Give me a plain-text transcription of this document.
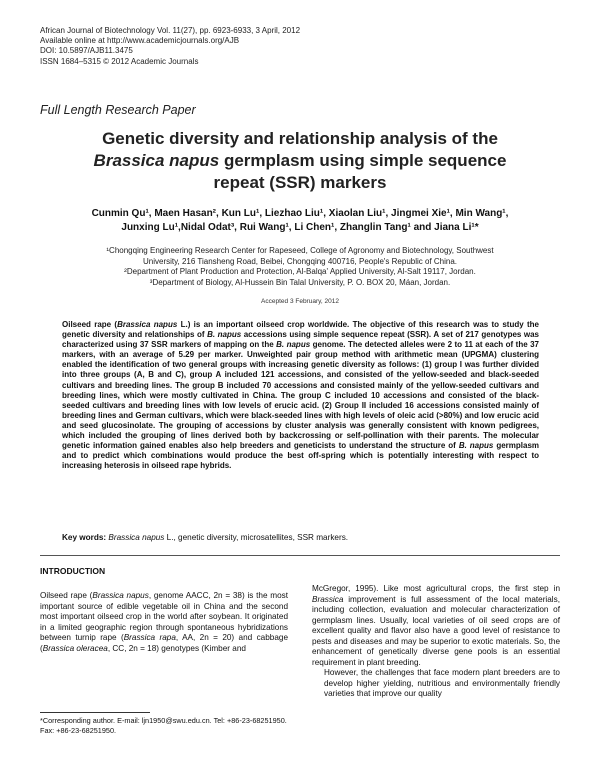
African Journal of Biotechnology Vol. 11(27), pp. 6923-6933, 3 April, 2012
Available online at http://www.academicjournals.org/AJB
DOI: 10.5897/AJB11.3475
ISSN 1684–5315 © 2012 Academic Journals
Full Length Research Paper
Genetic diversity and relationship analysis of the
Brassica napus germplasm using simple sequence
repeat (SSR) markers
Cunmin Qu¹, Maen Hasan², Kun Lu¹, Liezhao Liu¹, Xiaolan Liu¹, Jingmei Xie¹, Min Wang¹,
Junxing Lu¹,Nidal Odat³, Rui Wang¹, Li Chen¹, Zhanglin Tang¹ and Jiana Li¹*
¹Chongqing Engineering Research Center for Rapeseed, College of Agronomy and Biotechnology, Southwest
University, 216 Tiansheng Road, Beibei, Chongqing 400716, People's Republic of China.
²Department of Plant Production and Protection, Al-Balqa' Applied University, Al-Salt 19117, Jordan.
³Department of Biology, Al-Hussein Bin Talal University, P. O. BOX 20, Máan, Jordan.
Accepted 3 February, 2012
Oilseed rape (Brassica napus L.) is an important oilseed crop worldwide. The objective of this research was to study the genetic diversity and relationships of B. napus accessions using simple sequence repeat (SSR). A set of 217 genotypes was characterized using 37 SSR markers of mapping on the B. napus genome. The detected alleles were 2 to 11 at each of the 37 markers, with an average of 5.29 per marker. Unweighted pair group method with arithmetic mean (UPGMA) clustering enabled the identification of two general groups with increasing genetic diversity as follows: (1) group I was further divided into three groups (A, B and C), group A included 121 accessions, and consisted of the yellow-seeded and black-seeded cultivars and breeding lines. The group B included 70 accessions and consisted mainly of the yellow-seeded cultivars and breeding lines, which were mostly cultivated in China. The group C included 10 accessions and consisted of the black-seeded cultivars and breeding lines with low levels of erucic acid. (2) Group II included 16 accessions consisted mainly of breeding lines and German cultivars, which were black-seeded lines with high levels of oleic acid (>80%) and low erucic acid and seed glucosinolate. The grouping of accessions by cluster analysis was generally consistent with known pedigrees, which included the grouping of lines derived both by backcrossing or self-pollination with their parents. The molecular genetic information gained enables also help breeders and geneticists to understand the structure of B. napus germplasm and to predict which combinations would produce the best off-spring which is potentially interesting with respect to increasing heterosis in oilseed rape hybrids.
Key words: Brassica napus L., genetic diversity, microsatellites, SSR markers.
INTRODUCTION
Oilseed rape (Brassica napus, genome AACC, 2n = 38) is the most important source of edible vegetable oil in China and the second most important oilseed crop in the world after soybean. It originated in a limited geographic region through spontaneous hybridizations between turnip rape (Brassica rapa, AA, 2n = 20) and cabbage (Brassica oleracea, CC, 2n = 18) genotypes (Kimber and
McGregor, 1995). Like most agricultural crops, the first step in Brassica improvement is full assessment of the local materials, including collection, evaluation and molecular characterization of germplasm lines. Usually, local varieties of oil seed crops are of excellent quality and flavor also have a good level of resistance to pests and diseases and may be superior to exotic materials. So, the enhancement of genetically diverse gene pools is an essential requirement in plant breeding.
However, the challenges that face modern plant breeders are to develop higher yielding, nutritious and environmentally friendly varieties that improve our quality
*Corresponding author. E-mail: ljn1950@swu.edu.cn. Tel: +86-23-68251950. Fax: +86-23-68251950.
